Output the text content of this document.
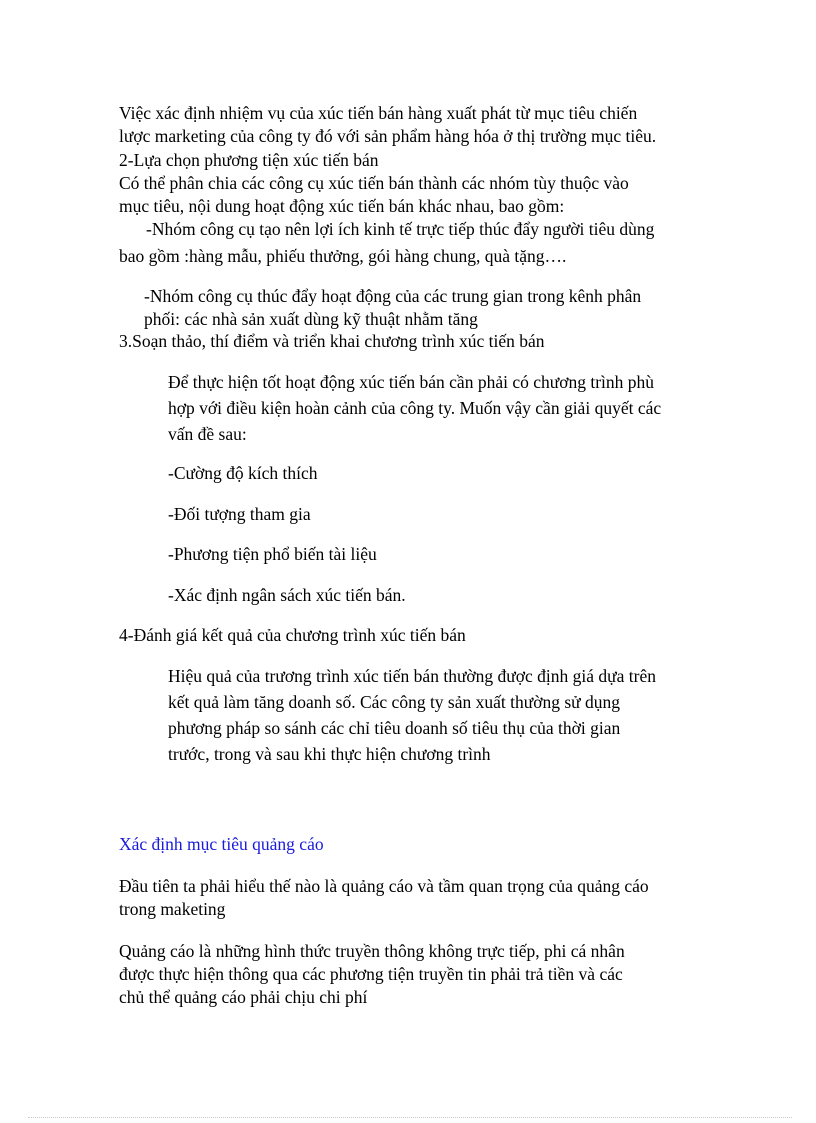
Việc xác định nhiệm vụ của xúc tiến bán hàng xuất phát từ mục tiêu chiến
lược marketing của công ty đó với sản phẩm hàng hóa ở thị trường mục tiêu.
2-Lựa chọn phương tiện xúc tiến bán
Có thể phân chia các công cụ xúc tiến bán thành các nhóm tùy thuộc vào
mục tiêu, nội dung hoạt động xúc tiến bán khác nhau, bao gồm:
-Nhóm công cụ tạo nên lợi ích kinh tế trực tiếp thúc đẩy người tiêu dùng
bao gồm :hàng mẫu, phiếu thưởng, gói hàng chung, quà tặng….
-Nhóm công cụ thúc đẩy hoạt động của các trung gian trong kênh phân
phối: các nhà sản xuất dùng kỹ thuật nhằm tăng
3.Soạn thảo, thí điểm và triển khai chương trình xúc tiến bán
Để thực hiện tốt hoạt động xúc tiến bán cần phải có chương trình phù
hợp với điều kiện hoàn cảnh của công ty. Muốn vậy cần giải quyết các
vấn đề sau:
-Cường độ kích thích
-Đối tượng tham gia
-Phương tiện phổ biến tài liệu
-Xác định ngân sách xúc tiến bán.
4-Đánh giá kết quả của chương trình xúc tiến bán
Hiệu quả của trương trình xúc tiến bán thường được định giá dựa trên
kết quả làm tăng doanh số. Các công ty sản xuất thường sử dụng
phương pháp so sánh các chỉ tiêu doanh số tiêu thụ của thời gian
trước, trong và sau khi thực hiện chương trình
Xác định mục tiêu quảng cáo
Đầu tiên ta phải hiểu thế nào là quảng cáo và tầm quan trọng của quảng cáo
trong maketing
Quảng cáo là những hình thức truyền thông không trực tiếp, phi cá nhân
được thực hiện thông qua các phương tiện truyền tin phải trả tiền và các
chủ thể quảng cáo phải chịu chi phí
